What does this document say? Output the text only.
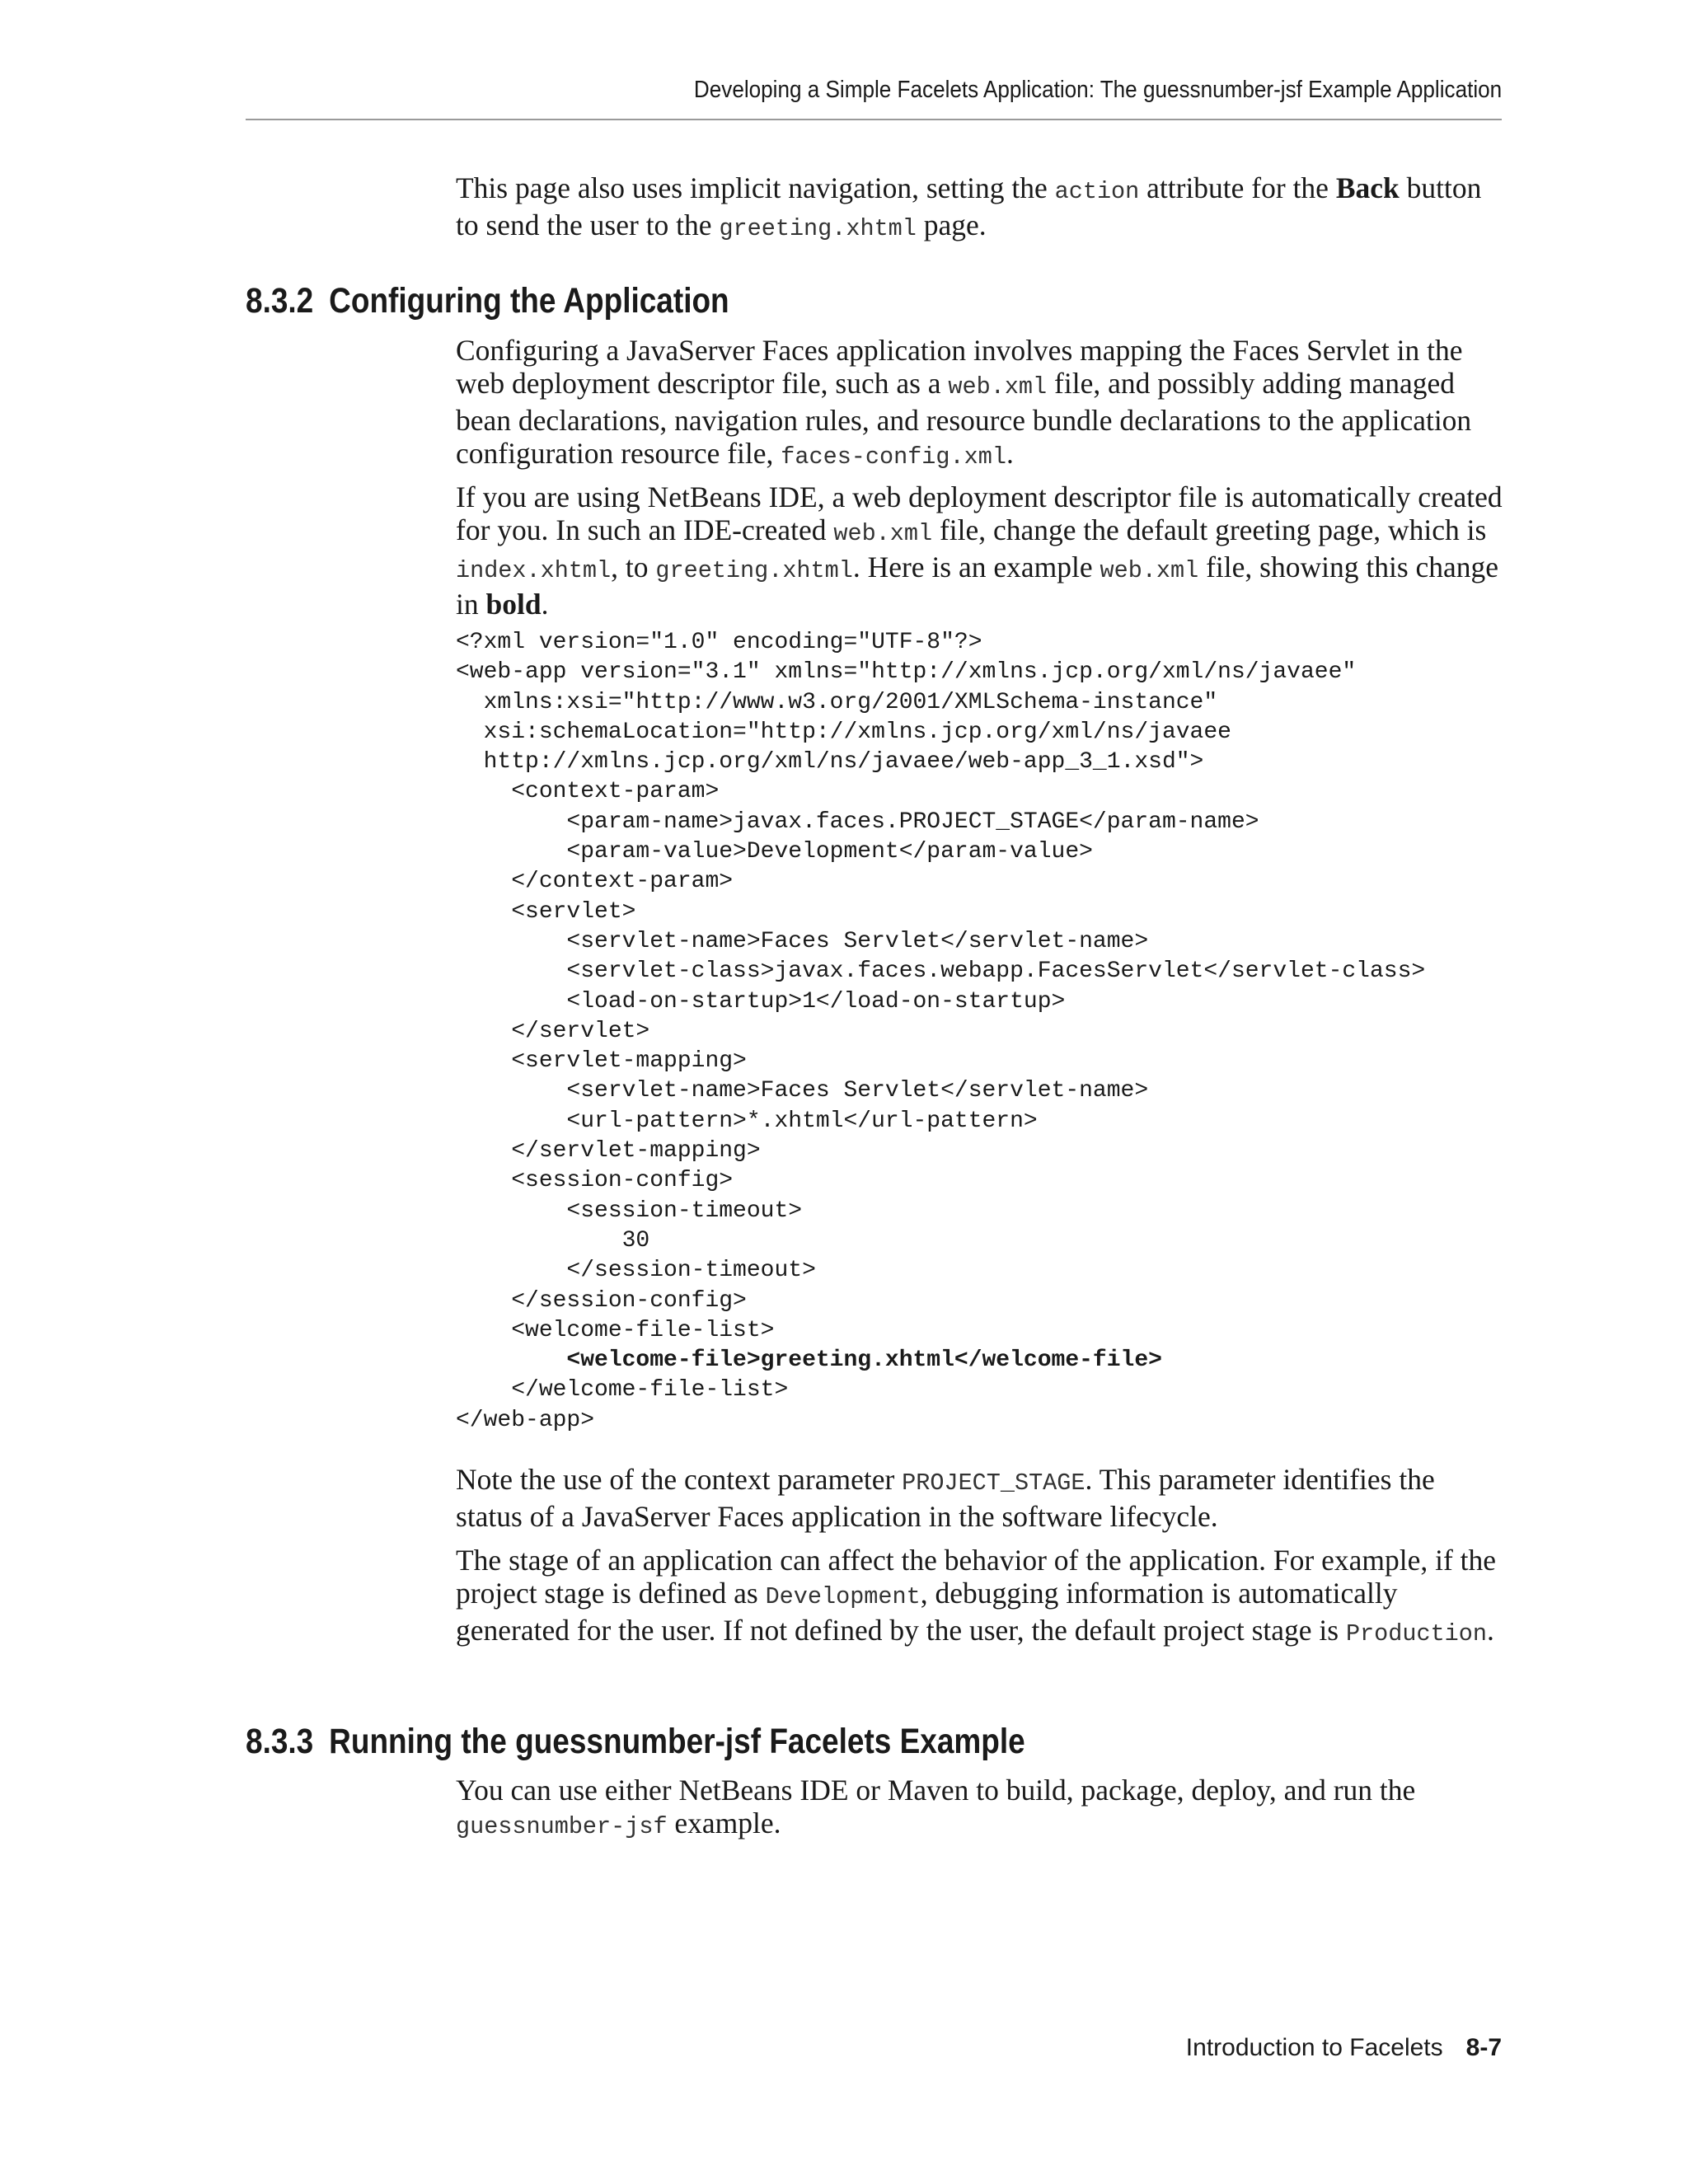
Developing a Simple Facelets Application: The guessnumber-jsf Example Application

This page also uses implicit navigation, setting the action attribute for the Back button to send the user to the greeting.xhtml page.

8.3.2 Configuring the Application

Configuring a JavaServer Faces application involves mapping the Faces Servlet in the web deployment descriptor file, such as a web.xml file, and possibly adding managed bean declarations, navigation rules, and resource bundle declarations to the application configuration resource file, faces-config.xml.

If you are using NetBeans IDE, a web deployment descriptor file is automatically created for you. In such an IDE-created web.xml file, change the default greeting page, which is index.xhtml, to greeting.xhtml. Here is an example web.xml file, showing this change in bold.

<?xml version="1.0" encoding="UTF-8"?>
<web-app version="3.1" xmlns="http://xmlns.jcp.org/xml/ns/javaee"
xmlns:xsi="http://www.w3.org/2001/XMLSchema-instance"
xsi:schemaLocation="http://xmlns.jcp.org/xml/ns/javaee
http://xmlns.jcp.org/xml/ns/javaee/web-app_3_1.xsd">
<context-param>
<param-name>javax.faces.PROJECT_STAGE</param-name>
<param-value>Development</param-value>
</context-param>
<servlet>
<servlet-name>Faces Servlet</servlet-name>
<servlet-class>javax.faces.webapp.FacesServlet</servlet-class>
<load-on-startup>1</load-on-startup>
</servlet>
<servlet-mapping>
<servlet-name>Faces Servlet</servlet-name>
<url-pattern>*.xhtml</url-pattern>
</servlet-mapping>
<session-config>
<session-timeout>
30
</session-timeout>
</session-config>
<welcome-file-list>
<welcome-file>greeting.xhtml</welcome-file>
</welcome-file-list>
</web-app>

Note the use of the context parameter PROJECT_STAGE. This parameter identifies the status of a JavaServer Faces application in the software lifecycle.

The stage of an application can affect the behavior of the application. For example, if the project stage is defined as Development, debugging information is automatically generated for the user. If not defined by the user, the default project stage is Production.

8.3.3 Running the guessnumber-jsf Facelets Example

You can use either NetBeans IDE or Maven to build, package, deploy, and run the guessnumber-jsf example.

Introduction to Facelets 8-7
